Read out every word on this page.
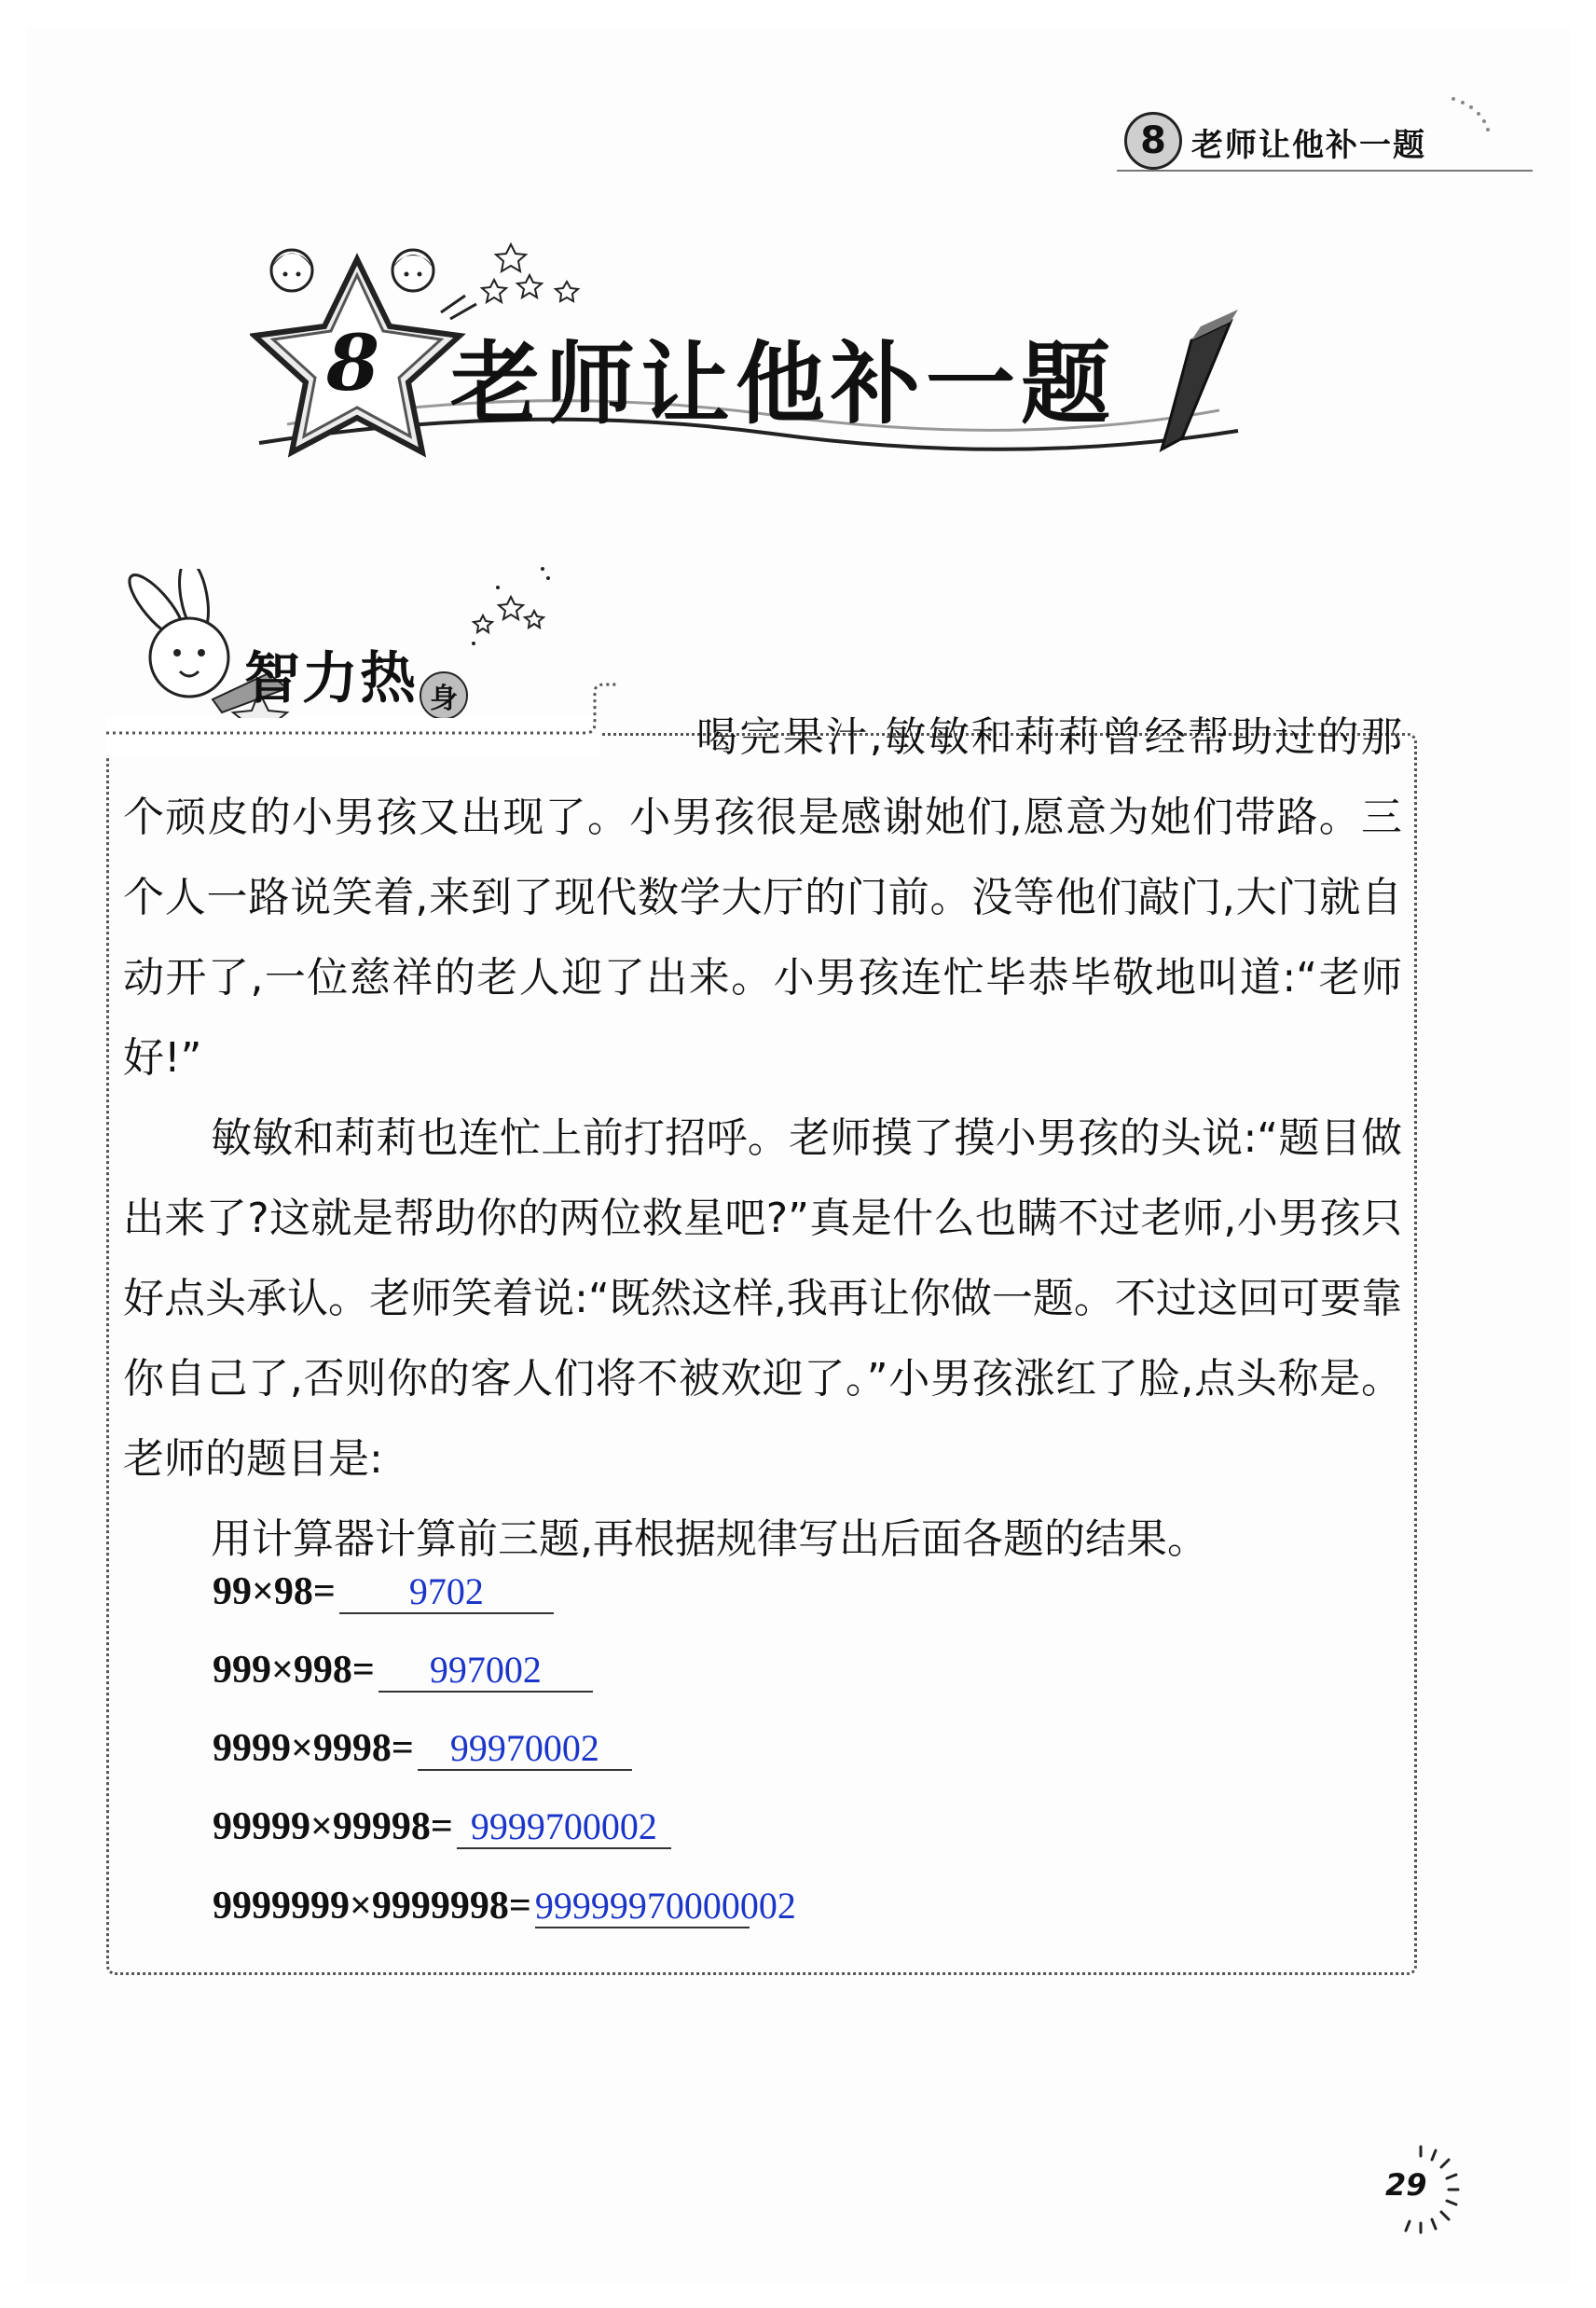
8 老师让他补一题
8 老师让他补一题
智力热 身

喝完果汁,敏敏和莉莉曾经帮助过的那个顽皮的小男孩又出现了。小男孩很是感谢她们,愿意为她们带路。三个人一路说笑着,来到了现代数学大厅的门前。没等他们敲门,大门就自动开了,一位慈祥的老人迎了出来。小男孩连忙毕恭毕敬地叫道:“老师好!”

敏敏和莉莉也连忙上前打招呼。老师摸了摸小男孩的头说:“题目做出来了?这就是帮助你的两位救星吧?”真是什么也瞒不过老师,小男孩只好点头承认。老师笑着说:“既然这样,我再让你做一题。不过这回可要靠你自己了,否则你的客人们将不被欢迎了。”小男孩涨红了脸,点头称是。老师的题目是:

用计算器计算前三题,再根据规律写出后面各题的结果。

99×98= 9702
999×998= 997002
9999×9998= 99970002
99999×99998= 9999700002
9999999×9999998= 99999970000002
29
